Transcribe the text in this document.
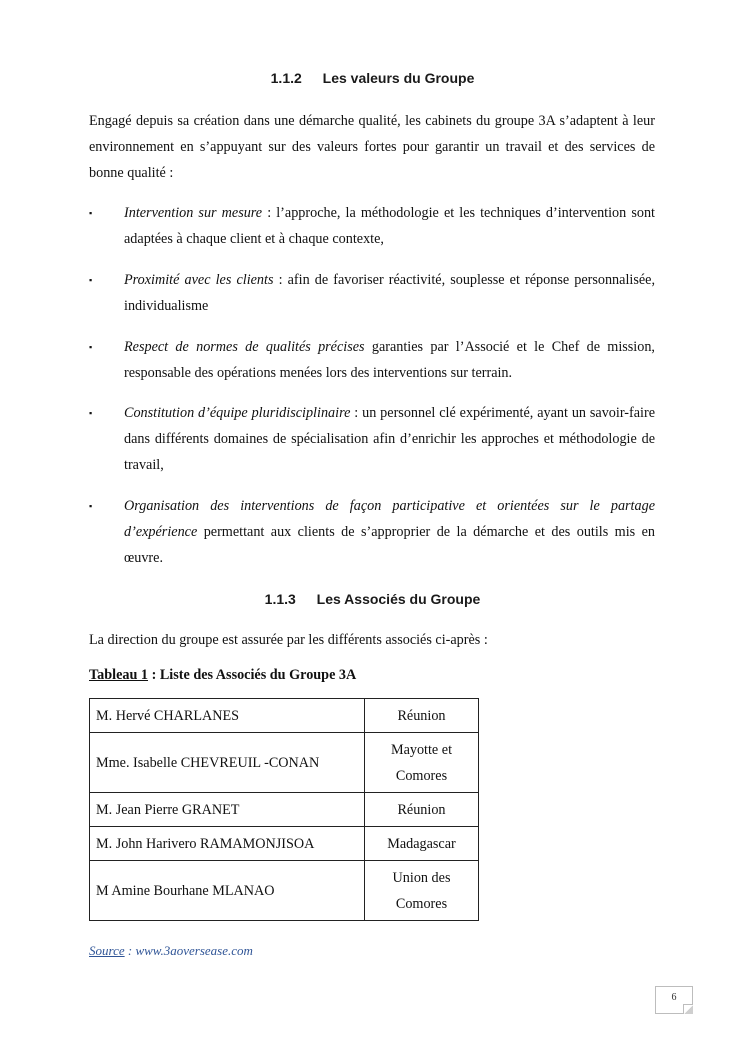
1.1.2 Les valeurs du Groupe
Engagé depuis sa création dans une démarche qualité, les cabinets du groupe 3A s’adaptent à leur environnement en s’appuyant sur des valeurs fortes pour garantir un travail et des services de bonne qualité :
▪ Intervention sur mesure : l’approche, la méthodologie et les techniques d’intervention sont adaptées à chaque client et à chaque contexte,
▪ Proximité avec les clients : afin de favoriser réactivité, souplesse et réponse personnalisée, individualisme
▪ Respect de normes de qualités précises garanties par l’Associé et le Chef de mission, responsable des opérations menées lors des interventions sur terrain.
▪ Constitution d’équipe pluridisciplinaire : un personnel clé expérimenté, ayant un savoir-faire dans différents domaines de spécialisation afin d’enrichir les approches et méthodologie de travail,
▪ Organisation des interventions de façon participative et orientées sur le partage d’expérience permettant aux clients de s’approprier de la démarche et des outils mis en œuvre.
1.1.3 Les Associés du Groupe
La direction du groupe est assurée par les différents associés ci-après :
Tableau 1 : Liste des Associés du Groupe 3A
M. Hervé CHARLANES	Réunion
Mme. Isabelle CHEVREUIL -CONAN	Mayotte et
Comores
M. Jean Pierre GRANET	Réunion
M. John Harivero RAMAMONJISOA	Madagascar
M Amine Bourhane MLANAO	Union des
Comores
Source : www.3aoversease.com
6
